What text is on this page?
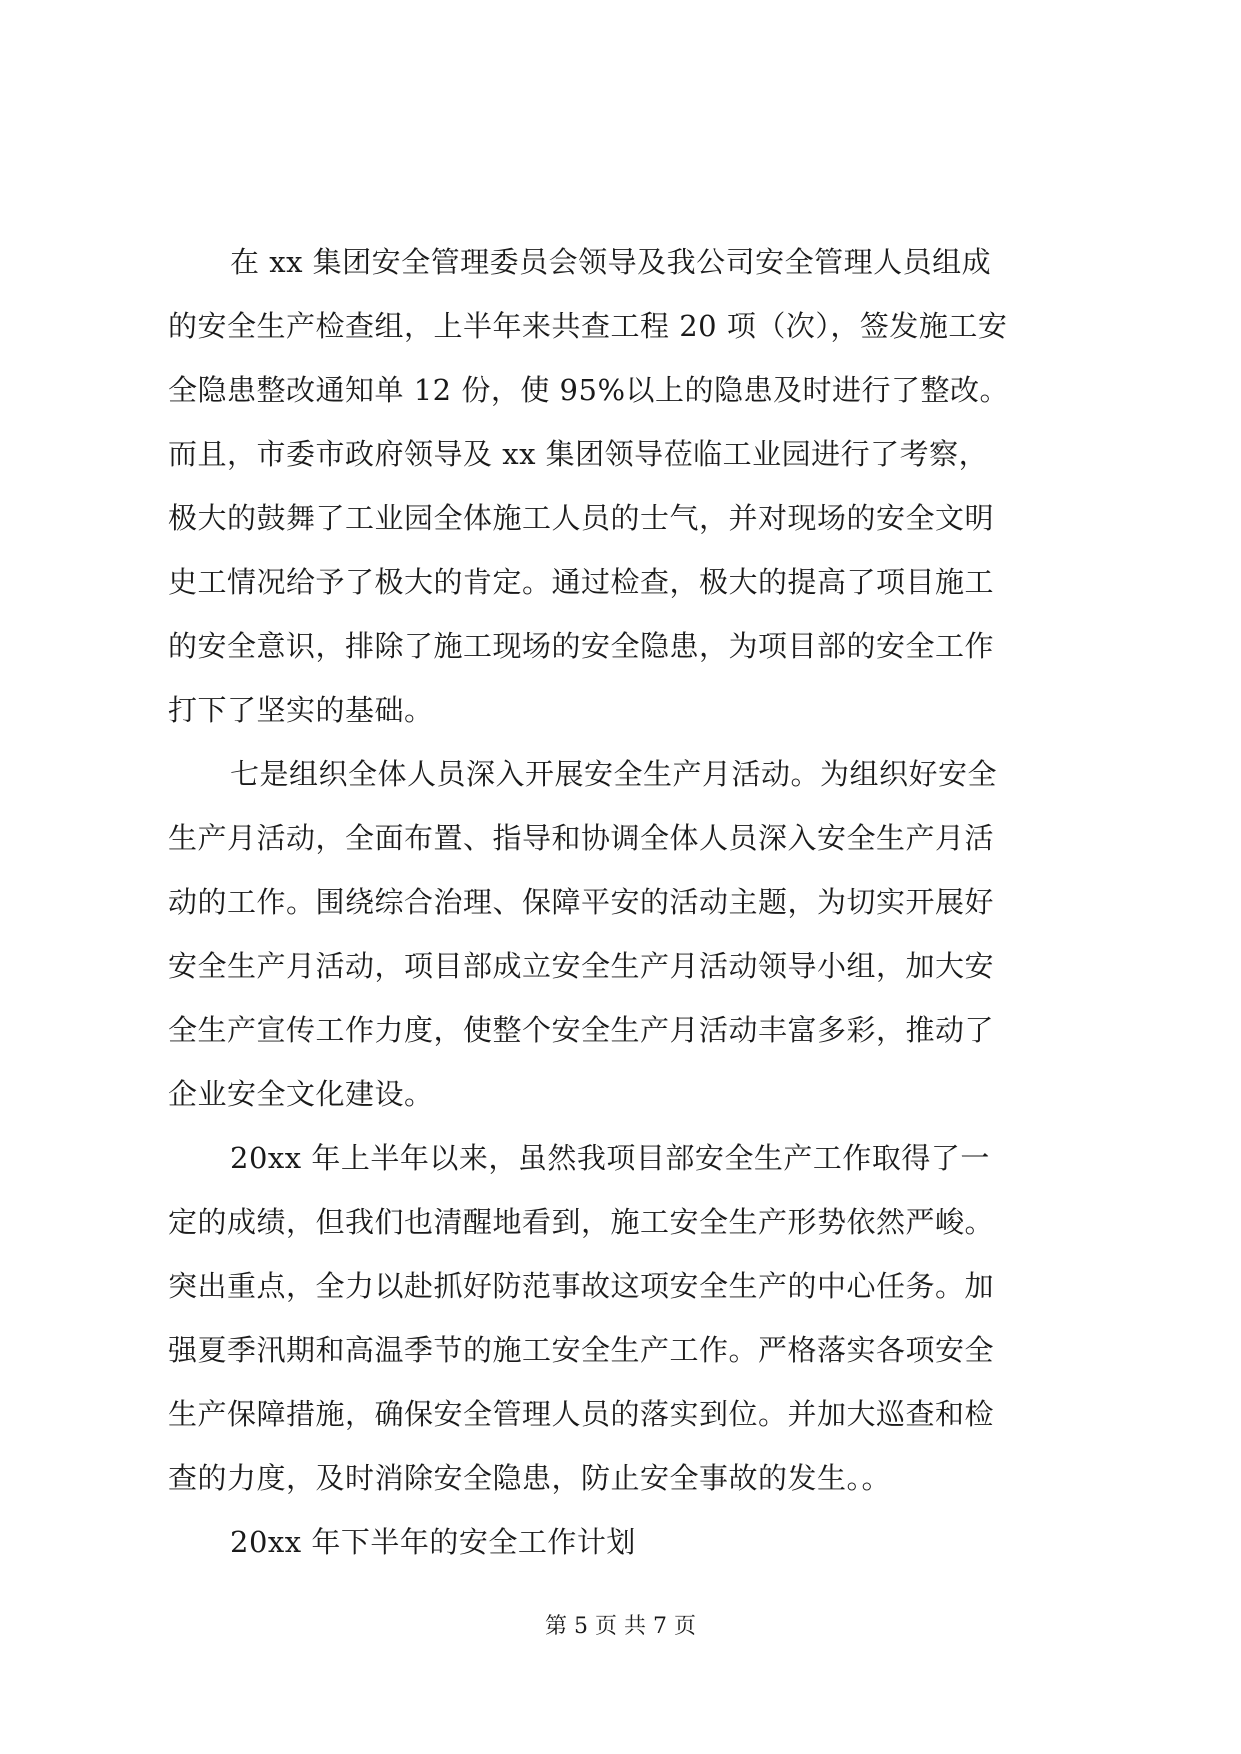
在 xx 集团安全管理委员会领导及我公司安全管理人员组成
的安全生产检查组，上半年来共查工程 20 项（次），签发施工安
全隐患整改通知单 12 份，使 95%以上的隐患及时进行了整改。
而且，市委市政府领导及 xx 集团领导莅临工业园进行了考察，
极大的鼓舞了工业园全体施工人员的士气，并对现场的安全文明
史工情况给予了极大的肯定。通过检查，极大的提高了项目施工
的安全意识，排除了施工现场的安全隐患，为项目部的安全工作
打下了坚实的基础。
七是组织全体人员深入开展安全生产月活动。为组织好安全
生产月活动，全面布置、指导和协调全体人员深入安全生产月活
动的工作。围绕综合治理、保障平安的活动主题，为切实开展好
安全生产月活动，项目部成立安全生产月活动领导小组，加大安
全生产宣传工作力度，使整个安全生产月活动丰富多彩，推动了
企业安全文化建设。
20xx 年上半年以来，虽然我项目部安全生产工作取得了一
定的成绩，但我们也清醒地看到，施工安全生产形势依然严峻。
突出重点，全力以赴抓好防范事故这项安全生产的中心任务。加
强夏季汛期和高温季节的施工安全生产工作。严格落实各项安全
生产保障措施，确保安全管理人员的落实到位。并加大巡查和检
查的力度，及时消除安全隐患，防止安全事故的发生。。
20xx 年下半年的安全工作计划
第 5 页 共 7 页
